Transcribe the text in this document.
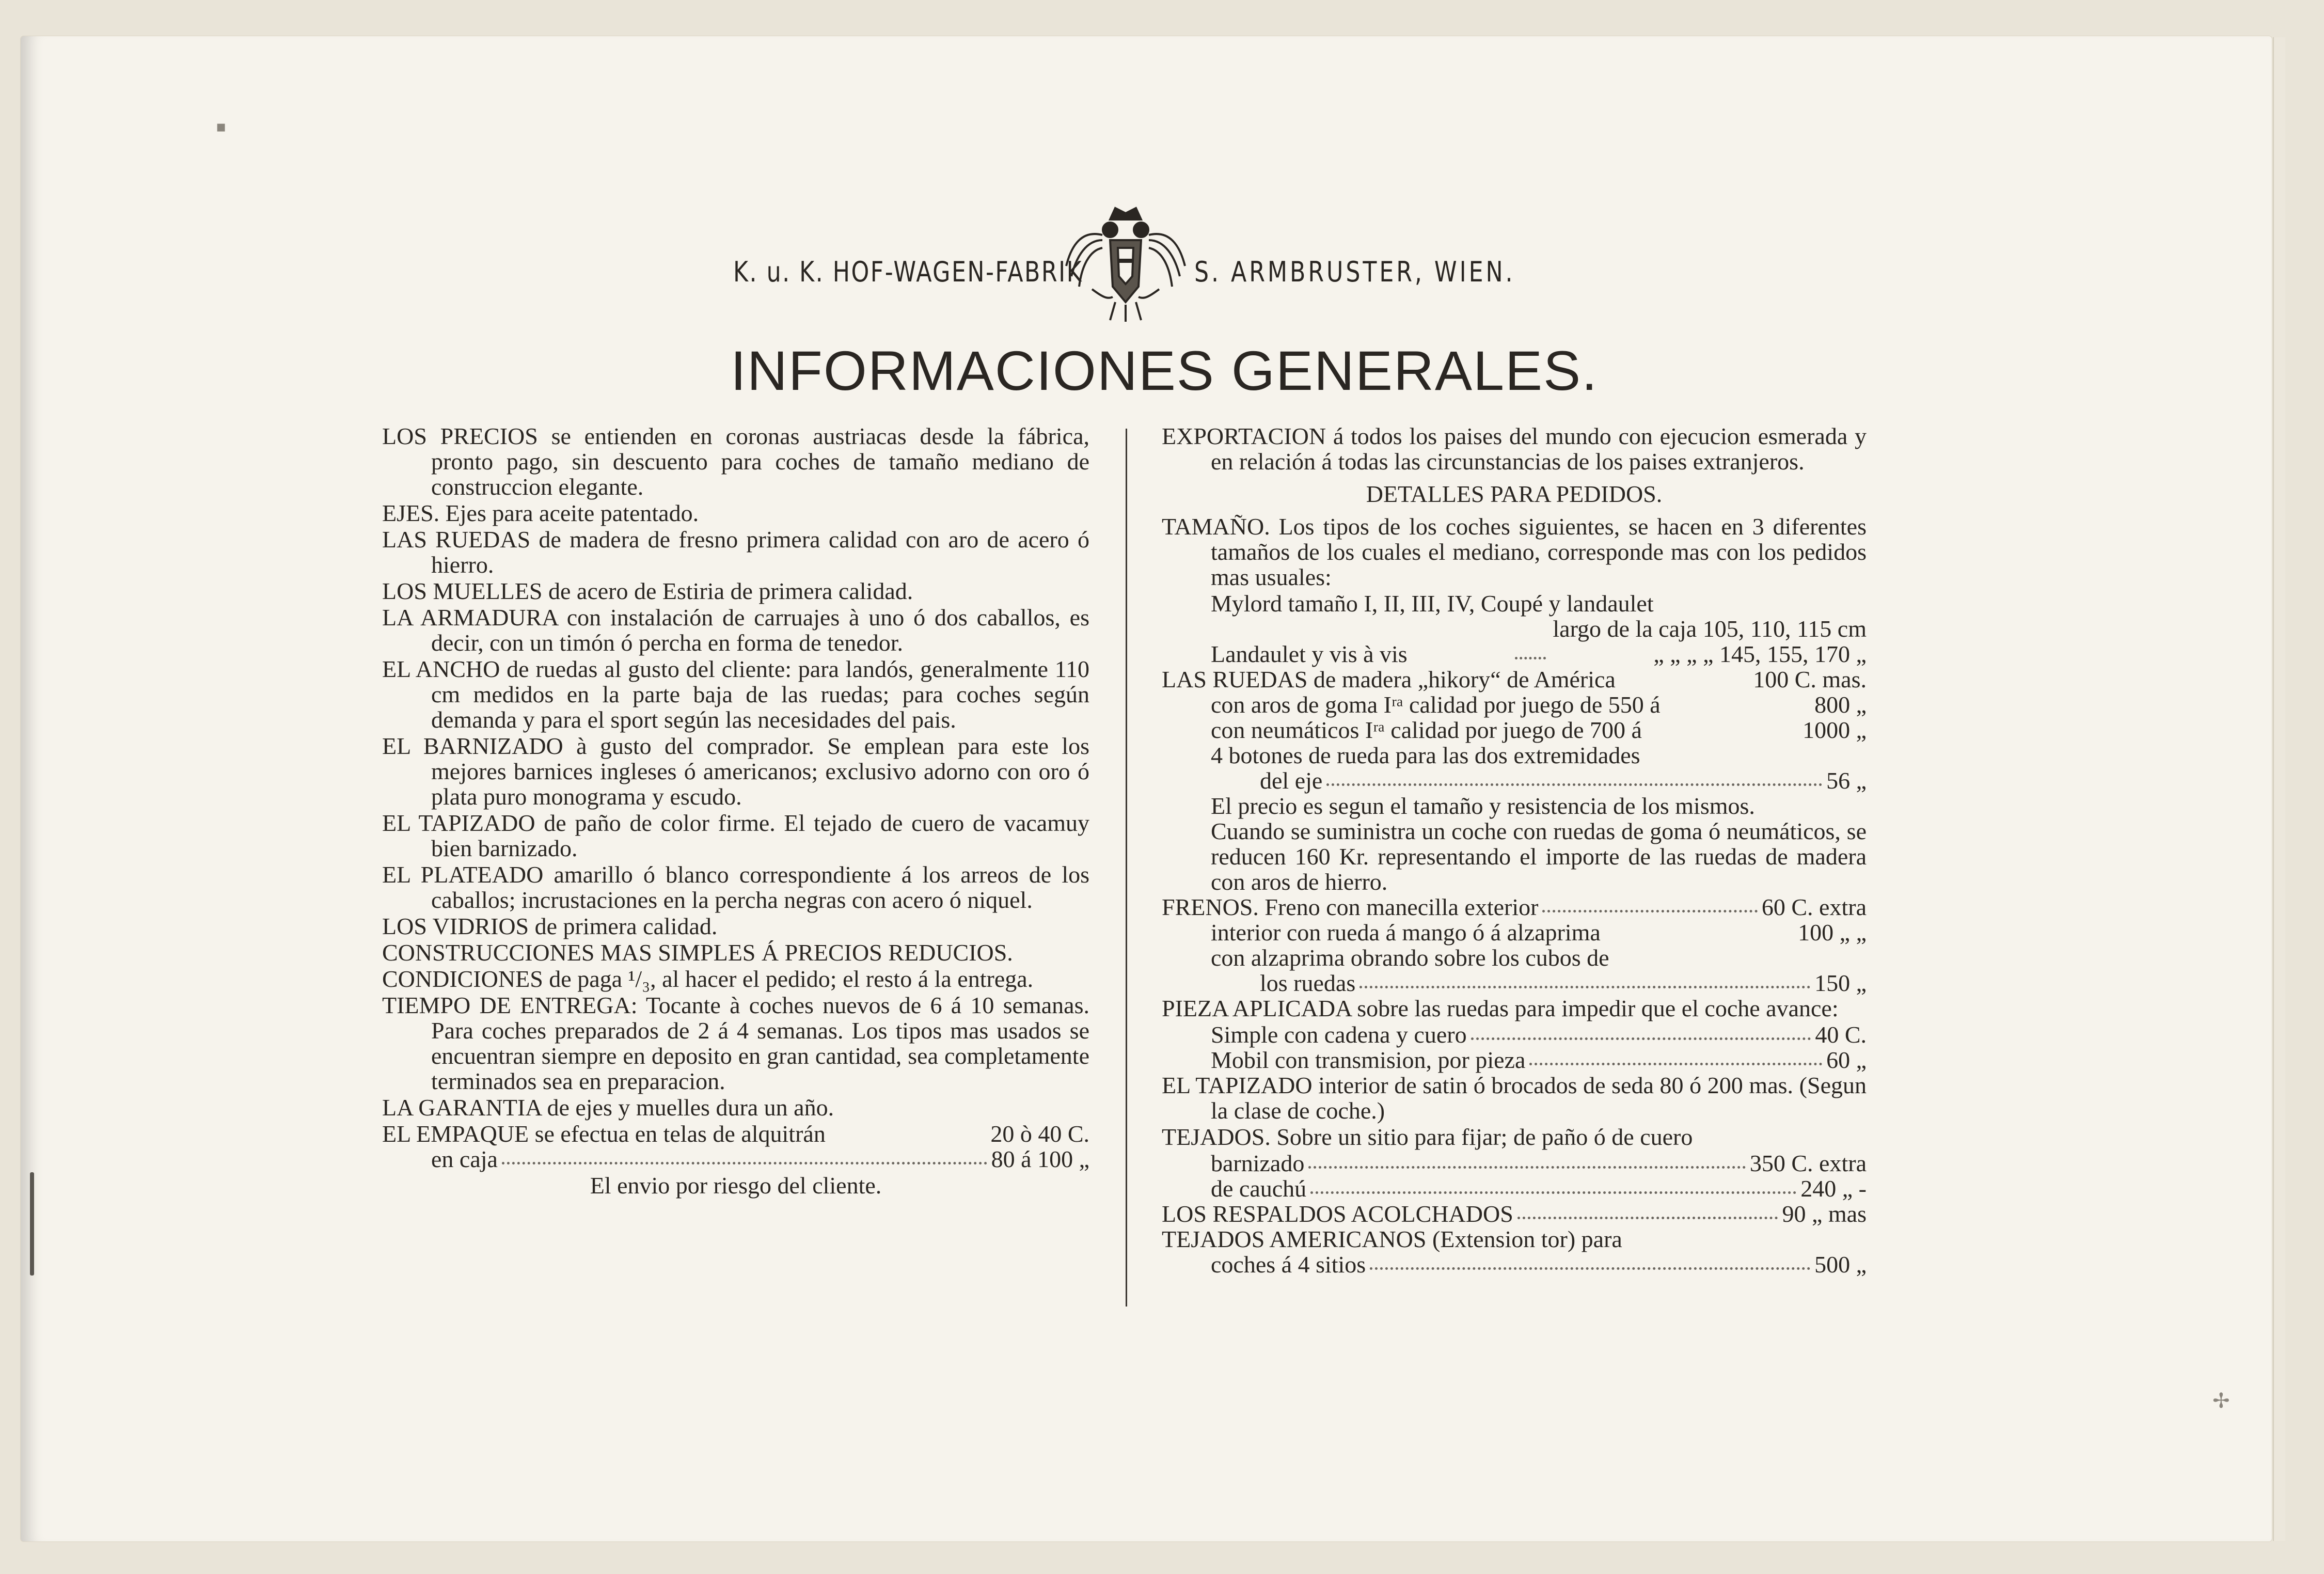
▪
✢
K. u. K. HOF-WAGEN-FABRIK	S. ARMBRUSTER, WIEN.
INFORMACIONES GENERALES.

LOS PRECIOS se entienden en coronas austriacas desde la fábrica, pronto pago, sin descuento para coches de tamaño mediano de construccion elegante.

EJES. Ejes para aceite patentado.

LAS RUEDAS de madera de fresno primera calidad con aro de acero ó hierro.

LOS MUELLES de acero de Estiria de primera calidad.

LA ARMADURA con instalación de carruajes à uno ó dos caballos, es decir, con un timón ó percha en forma de tenedor.

EL ANCHO de ruedas al gusto del cliente: para landós, generalmente 110 cm medidos en la parte baja de las ruedas; para coches según demanda y para el sport según las necesidades del pais.

EL BARNIZADO à gusto del comprador. Se emplean para este los mejores barnices ingleses ó americanos; exclusivo adorno con oro ó plata puro monograma y escudo.

EL TAPIZADO de paño de color firme. El tejado de cuero de vacamuy bien barnizado.

EL PLATEADO amarillo ó blanco correspondiente á los arreos de los caballos; incrustaciones en la percha negras con acero ó niquel.

LOS VIDRIOS de primera calidad.

CONSTRUCCIONES MAS SIMPLES Á PRECIOS REDUCIOS.

CONDICIONES de paga ¹/₃, al hacer el pedido; el resto á la entrega.

TIEMPO DE ENTREGA: Tocante à coches nuevos de 6 á 10 semanas. Para coches preparados de 2 á 4 semanas. Los tipos mas usados se encuentran siempre en deposito en gran cantidad, sea completamente terminados sea en preparacion.

LA GARANTIA de ejes y muelles dura un año.

EL EMPAQUE se efectua en telas de alquitrán	20 ò 40 C.
en caja	80 á 100 „

El envio por riesgo del cliente.

EXPORTACION á todos los paises del mundo con ejecucion esmerada y en relación á todas las circunstancias de los paises extranjeros.

DETALLES PARA PEDIDOS.

TAMAÑO. Los tipos de los coches siguientes, se hacen en 3 diferentes tamaños de los cuales el mediano, corresponde mas con los pedidos mas usuales:

Mylord tamaño I, II, III, IV, Coupé y landaulet

largo de la caja 105, 110, 115 cm

Landaulet y vis à vis	„ „ „ „ 145, 155, 170 „
LAS RUEDAS de madera „hikory“ de América	100 C. mas.
con aros de goma Iʳᵃ calidad por juego de 550 á	800 „
con neumáticos Iʳᵃ calidad por juego de 700 á	1000 „

4 botones de rueda para las dos extremidades

del eje	56 „

El precio es segun el tamaño y resistencia de los mismos.

Cuando se suministra un coche con ruedas de goma ó neumáticos, se reducen 160 Kr. representando el importe de las ruedas de madera con aros de hierro.

FRENOS. Freno con manecilla exterior	60 C. extra
interior con rueda á mango ó á alzaprima	100 „ „

con alzaprima obrando sobre los cubos de

los ruedas	150 „

PIEZA APLICADA sobre las ruedas para impedir que el coche avance:

Simple con cadena y cuero	40 C.
Mobil con transmision, por pieza	60 „

EL TAPIZADO interior de satin ó brocados de seda 80 ó 200 mas. (Segun la clase de coche.)

TEJADOS. Sobre un sitio para fijar; de paño ó de cuero

barnizado	350 C. extra
de cauchú	240 „ -
LOS RESPALDOS ACOLCHADOS	90 „ mas

TEJADOS AMERICANOS (Extension tor) para

coches á 4 sitios	500 „
